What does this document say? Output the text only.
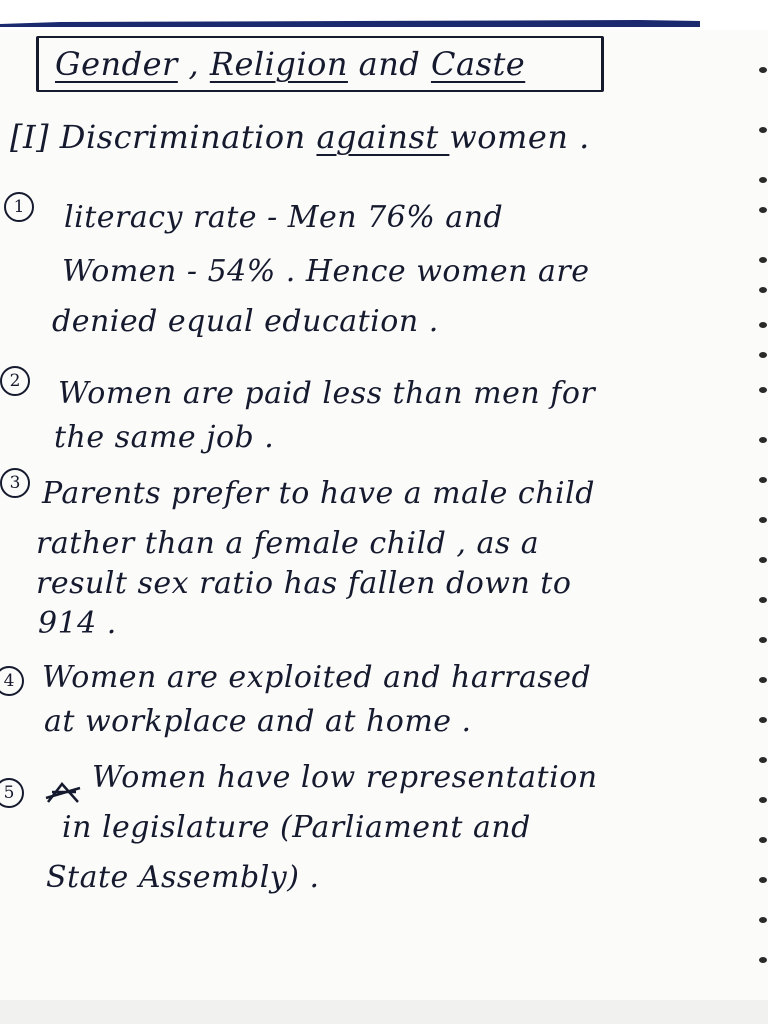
Gender , Religion and Caste
[I] Discrimination against women .
1	literacy rate - Men 76% and
Women - 54% . Hence women are
denied equal education .
2	Women are paid less than men for
the same job .
3 Parents prefer to have a male child
rather than a female child , as a
result sex ratio has fallen down to
914 .
4 Women are exploited and harrased
at workplace and at home .
5	Women have low representation
in legislature (Parliament and
State Assembly) .
